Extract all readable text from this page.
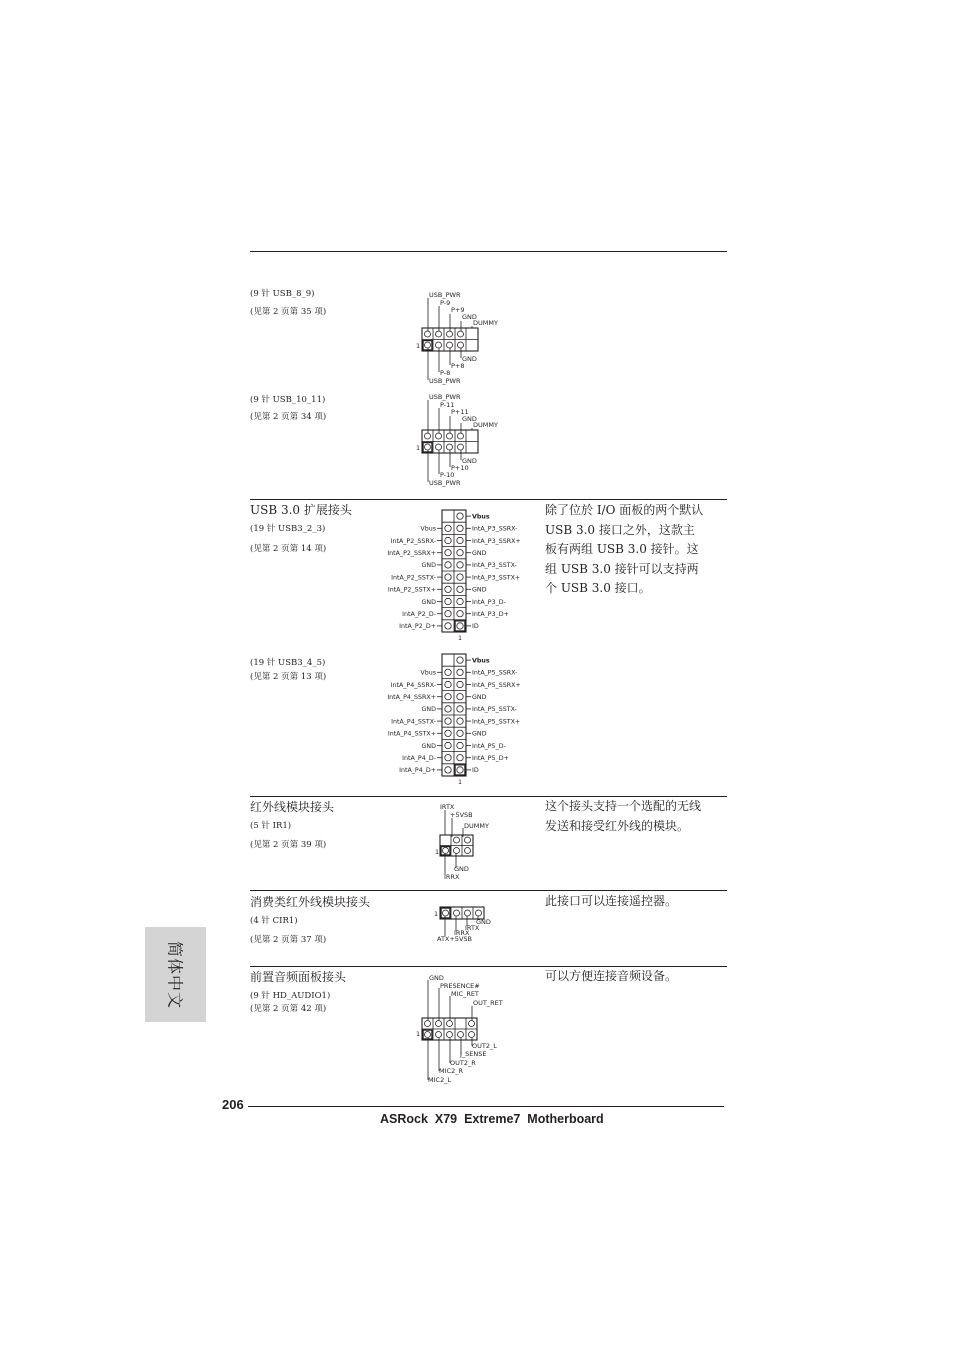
(9 针 USB_8_9)
(见第 2 页第 35 项)
USB_PWR
P-9
P+9
GND
DUMMY
GND
P+8
P-8
USB_PWR
1
(9 针 USB_10_11)
(见第 2 页第 34 项)
USB_PWR
P-11
P+11
GND
DUMMY
GND
P+10
P-10
USB_PWR
1
USB 3.0 扩展接头
(19 针 USB3_2_3)
(见第 2 页第 14 项)
(19 针 USB3_4_5)
(见第 2 页第 13 项)
除了位於 I/O 面板的两个默认 USB 3.0 接口之外，这款主板有两组 USB 3.0 接针。这组 USB 3.0 接针可以支持两个 USB 3.0 接口。
Vbus
IntA_P3_SSRX-
Vbus
IntA_P3_SSRX+
IntA_P2_SSRX-
GND
IntA_P2_SSRX+
IntA_P3_SSTX-
GND
IntA_P3_SSTX+
IntA_P2_SSTX-
GND
IntA_P2_SSTX+
IntA_P3_D-
GND
IntA_P3_D+
IntA_P2_D-
ID
IntA_P2_D+
1
Vbus
IntA_P5_SSRX-
Vbus
IntA_P5_SSRX+
IntA_P4_SSRX-
GND
IntA_P4_SSRX+
IntA_P5_SSTX-
GND
IntA_P5_SSTX+
IntA_P4_SSTX-
GND
IntA_P4_SSTX+
IntA_P5_D-
GND
IntA_P5_D+
IntA_P4_D-
ID
IntA_P4_D+
1
红外线模块接头
(5 针 IR1)
(见第 2 页第 39 项)
这个接头支持一个选配的无线发送和接受红外线的模块。
IRTX
+5VSB
DUMMY
GND
IRRX
1
消费类红外线模块接头
(4 针 CIR1)
(见第 2 页第 37 项)
此接口可以连接遥控器。
GND
IRTX
IRRX
ATX+5VSB
1
前置音频面板接头
(9 针 HD_AUDIO1)
(见第 2 页第 42 项)
可以方便连接音频设备。
GND
PRESENCE#
MIC_RET
OUT_RET
OUT2_L
J_SENSE
OUT2_R
MIC2_R
MIC2_L
1
简体中文
206
ASRock  X79  Extreme7  Motherboard
